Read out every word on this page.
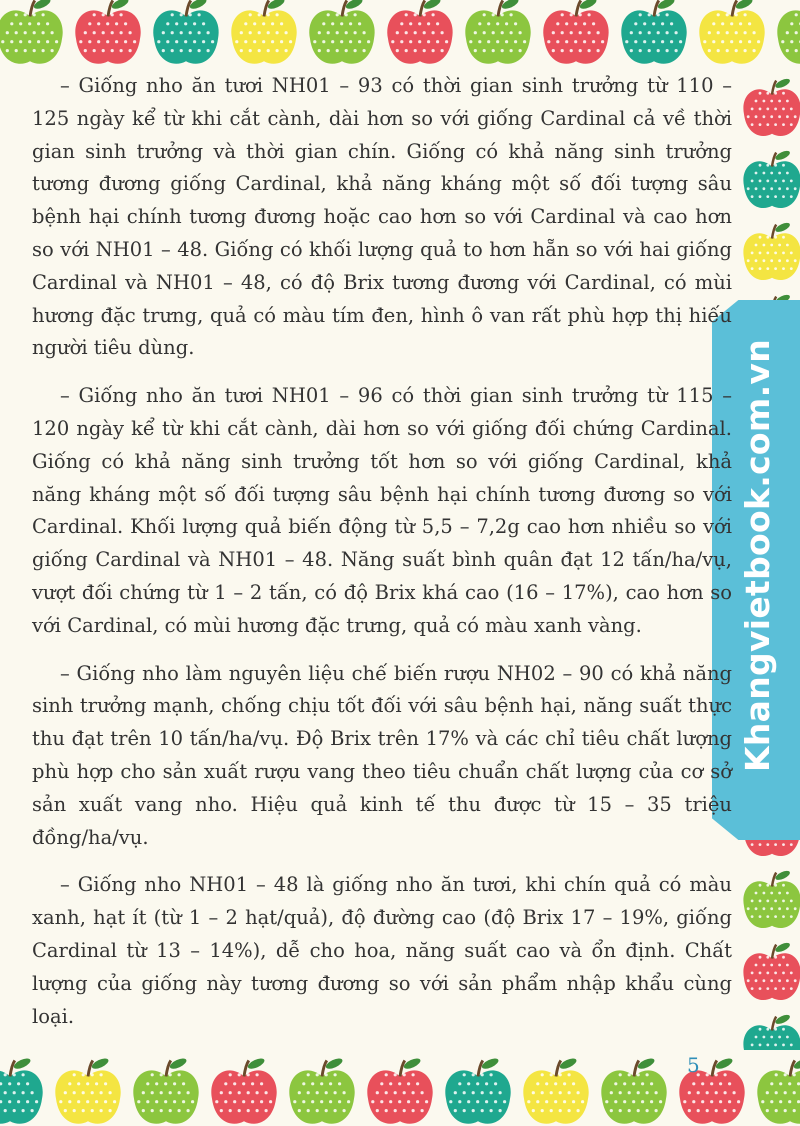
Khangvietbook.com.vn

– Giống nho ăn tươi NH01 – 93 có thời gian sinh trưởng từ 110 – 125 ngày kể từ khi cắt cành, dài hơn so với giống Cardinal cả về thời gian sinh trưởng và thời gian chín. Giống có khả năng sinh trưởng tương đương giống Cardinal, khả năng kháng một số đối tượng sâu bệnh hại chính tương đương hoặc cao hơn so với Cardinal và cao hơn so với NH01 – 48. Giống có khối lượng quả to hơn hẵn so với hai giống Cardinal và NH01 – 48, có độ Brix tương đương với Cardinal, có mùi hương đặc trưng, quả có màu tím đen, hình ô van rất phù hợp thị hiếu người tiêu dùng.

– Giống nho ăn tươi NH01 – 96 có thời gian sinh trưởng từ 115 – 120 ngày kể từ khi cắt cành, dài hơn so với giống đối chứng Cardinal. Giống có khả năng sinh trưởng tốt hơn so với giống Cardinal, khả năng kháng một số đối tượng sâu bệnh hại chính tương đương so với Cardinal. Khối lượng quả biến động từ 5,5 – 7,2g cao hơn nhiều so với giống Cardinal và NH01 – 48. Năng suất bình quân đạt 12 tấn/ha/vụ, vượt đối chứng từ 1 – 2 tấn, có độ Brix khá cao (16 – 17%), cao hơn so với Cardinal, có mùi hương đặc trưng, quả có màu xanh vàng.

– Giống nho làm nguyên liệu chế biến rượu NH02 – 90 có khả năng sinh trưởng mạnh, chống chịu tốt đối với sâu bệnh hại, năng suất thực thu đạt trên 10 tấn/ha/vụ. Độ Brix trên 17% và các chỉ tiêu chất lượng phù hợp cho sản xuất rượu vang theo tiêu chuẩn chất lượng của cơ sở sản xuất vang nho. Hiệu quả kinh tế thu được từ 15 – 35 triệu đồng/ha/vụ.

– Giống nho NH01 – 48 là giống nho ăn tươi, khi chín quả có màu xanh, hạt ít (từ 1 – 2 hạt/quả), độ đường cao (độ Brix 17 – 19%, giống Cardinal từ 13 – 14%), dễ cho hoa, năng suất cao và ổn định. Chất lượng của giống này tương đương so với sản phẩm nhập khẩu cùng loại.

5
